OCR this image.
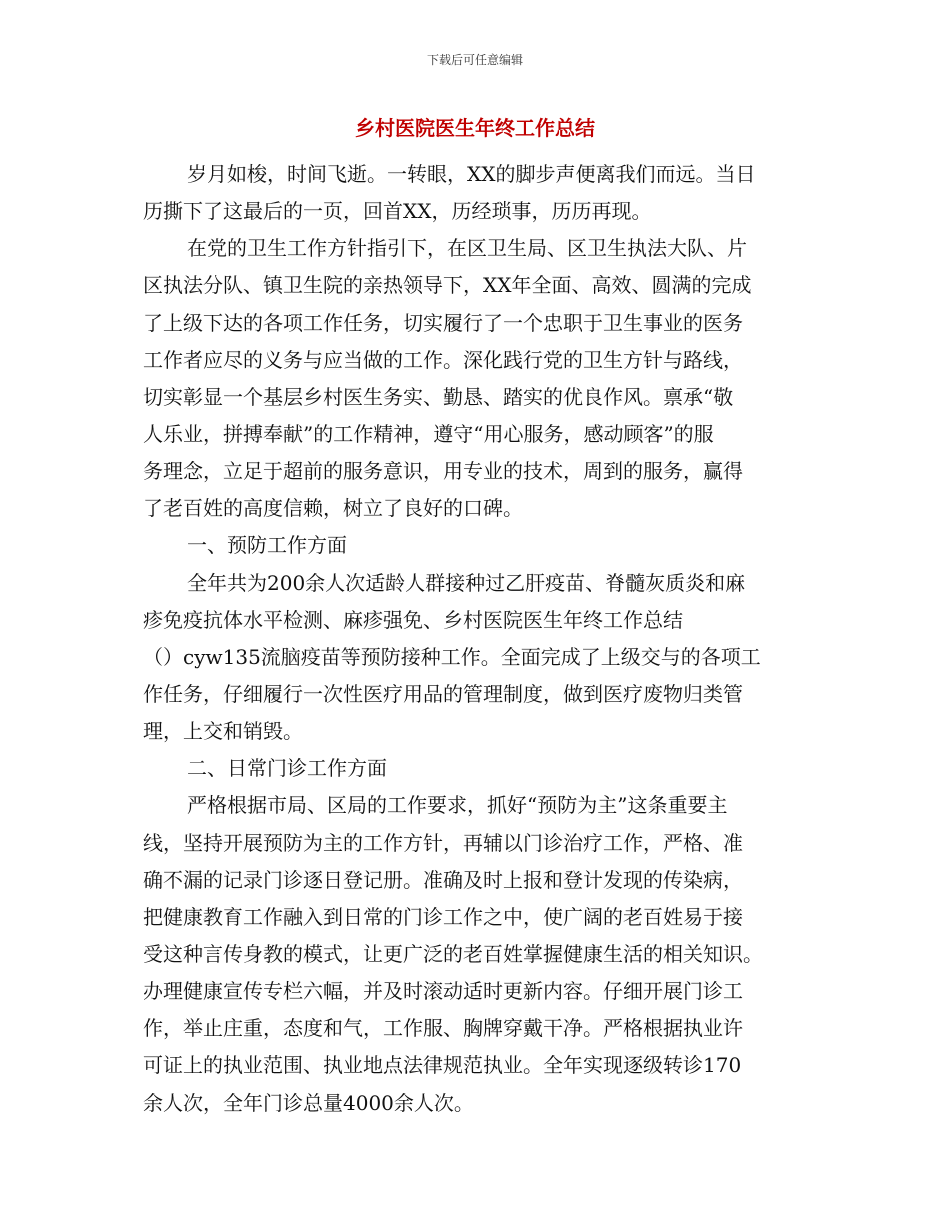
下载后可任意编辑
乡村医院医生年终工作总结
岁月如梭，时间飞逝。一转眼，XX的脚步声便离我们而远。当日
历撕下了这最后的一页，回首XX，历经琐事，历历再现。
在党的卫生工作方针指引下，在区卫生局、区卫生执法大队、片
区执法分队、镇卫生院的亲热领导下，XX年全面、高效、圆满的完成
了上级下达的各项工作任务，切实履行了一个忠职于卫生事业的医务
工作者应尽的义务与应当做的工作。深化践行党的卫生方针与路线，
切实彰显一个基层乡村医生务实、勤恳、踏实的优良作风。禀承“敬
人乐业，拼搏奉献”的工作精神，遵守“用心服务，感动顾客”的服
务理念，立足于超前的服务意识，用专业的技术，周到的服务，赢得
了老百姓的高度信赖，树立了良好的口碑。
一、预防工作方面
全年共为200余人次适龄人群接种过乙肝疫苗、脊髓灰质炎和麻
疹免疫抗体水平检测、麻疹强免、乡村医院医生年终工作总结
（）cyw135流脑疫苗等预防接种工作。全面完成了上级交与的各项工
作任务，仔细履行一次性医疗用品的管理制度，做到医疗废物归类管
理，上交和销毁。
二、日常门诊工作方面
严格根据市局、区局的工作要求，抓好“预防为主”这条重要主
线，坚持开展预防为主的工作方针，再辅以门诊治疗工作，严格、准
确不漏的记录门诊逐日登记册。准确及时上报和登计发现的传染病，
把健康教育工作融入到日常的门诊工作之中，使广阔的老百姓易于接
受这种言传身教的模式，让更广泛的老百姓掌握健康生活的相关知识。
办理健康宣传专栏六幅，并及时滚动适时更新内容。仔细开展门诊工
作，举止庄重，态度和气，工作服、胸牌穿戴干净。严格根据执业许
可证上的执业范围、执业地点法律规范执业。全年实现逐级转诊170
余人次，全年门诊总量4000余人次。
